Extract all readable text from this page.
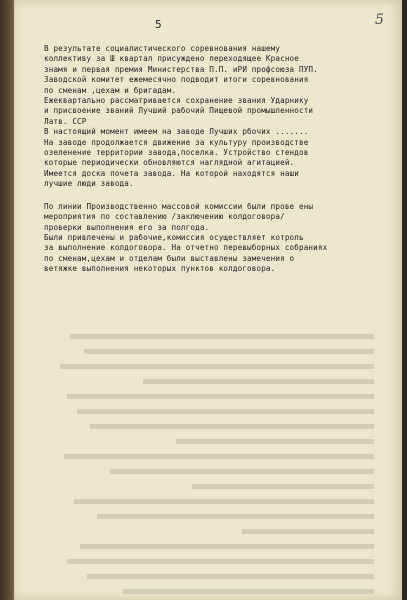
5	5
В результате социалистического соревнования нашему
коллективу за Ш квартал присуждено переходящее Красное
знамя и первая премия Министерства П.П. иРИ профсоюза ПУП.
Заводской комитет ежемесячно подводит итоги соревнования
по сменам ,цехам и бригадам.
Ежеквартально рассматривается сохранение звания Ударнику
и присвоение званий Лучший рабочий Пищевой промышленности
Латв. ССР
В настоящий момент имеем на заводе Лучших рбочих .......
На заводе продолжается движение за культуру производстве
озеленение территории завода,поселка. Устройство стендов
которые периодически обновляются наглядной агитацией.
Имеется доска почета завода. На которой находятся наши
лучшие люди завода.
По линии Производственно массовой комиссии были прове ены
мероприятия по составлению /заключению колдоговора/
проверки выполнения его за полгода.
Были привлечены и рабочие,комиссия осуществляет котроль
за выполнение колдоговора. На отчетно перевыборных собраниях
по сменам,цехам и отделам были выставлены замечения о
ветяжке выполнения некоторых пунктов колдоговора.
